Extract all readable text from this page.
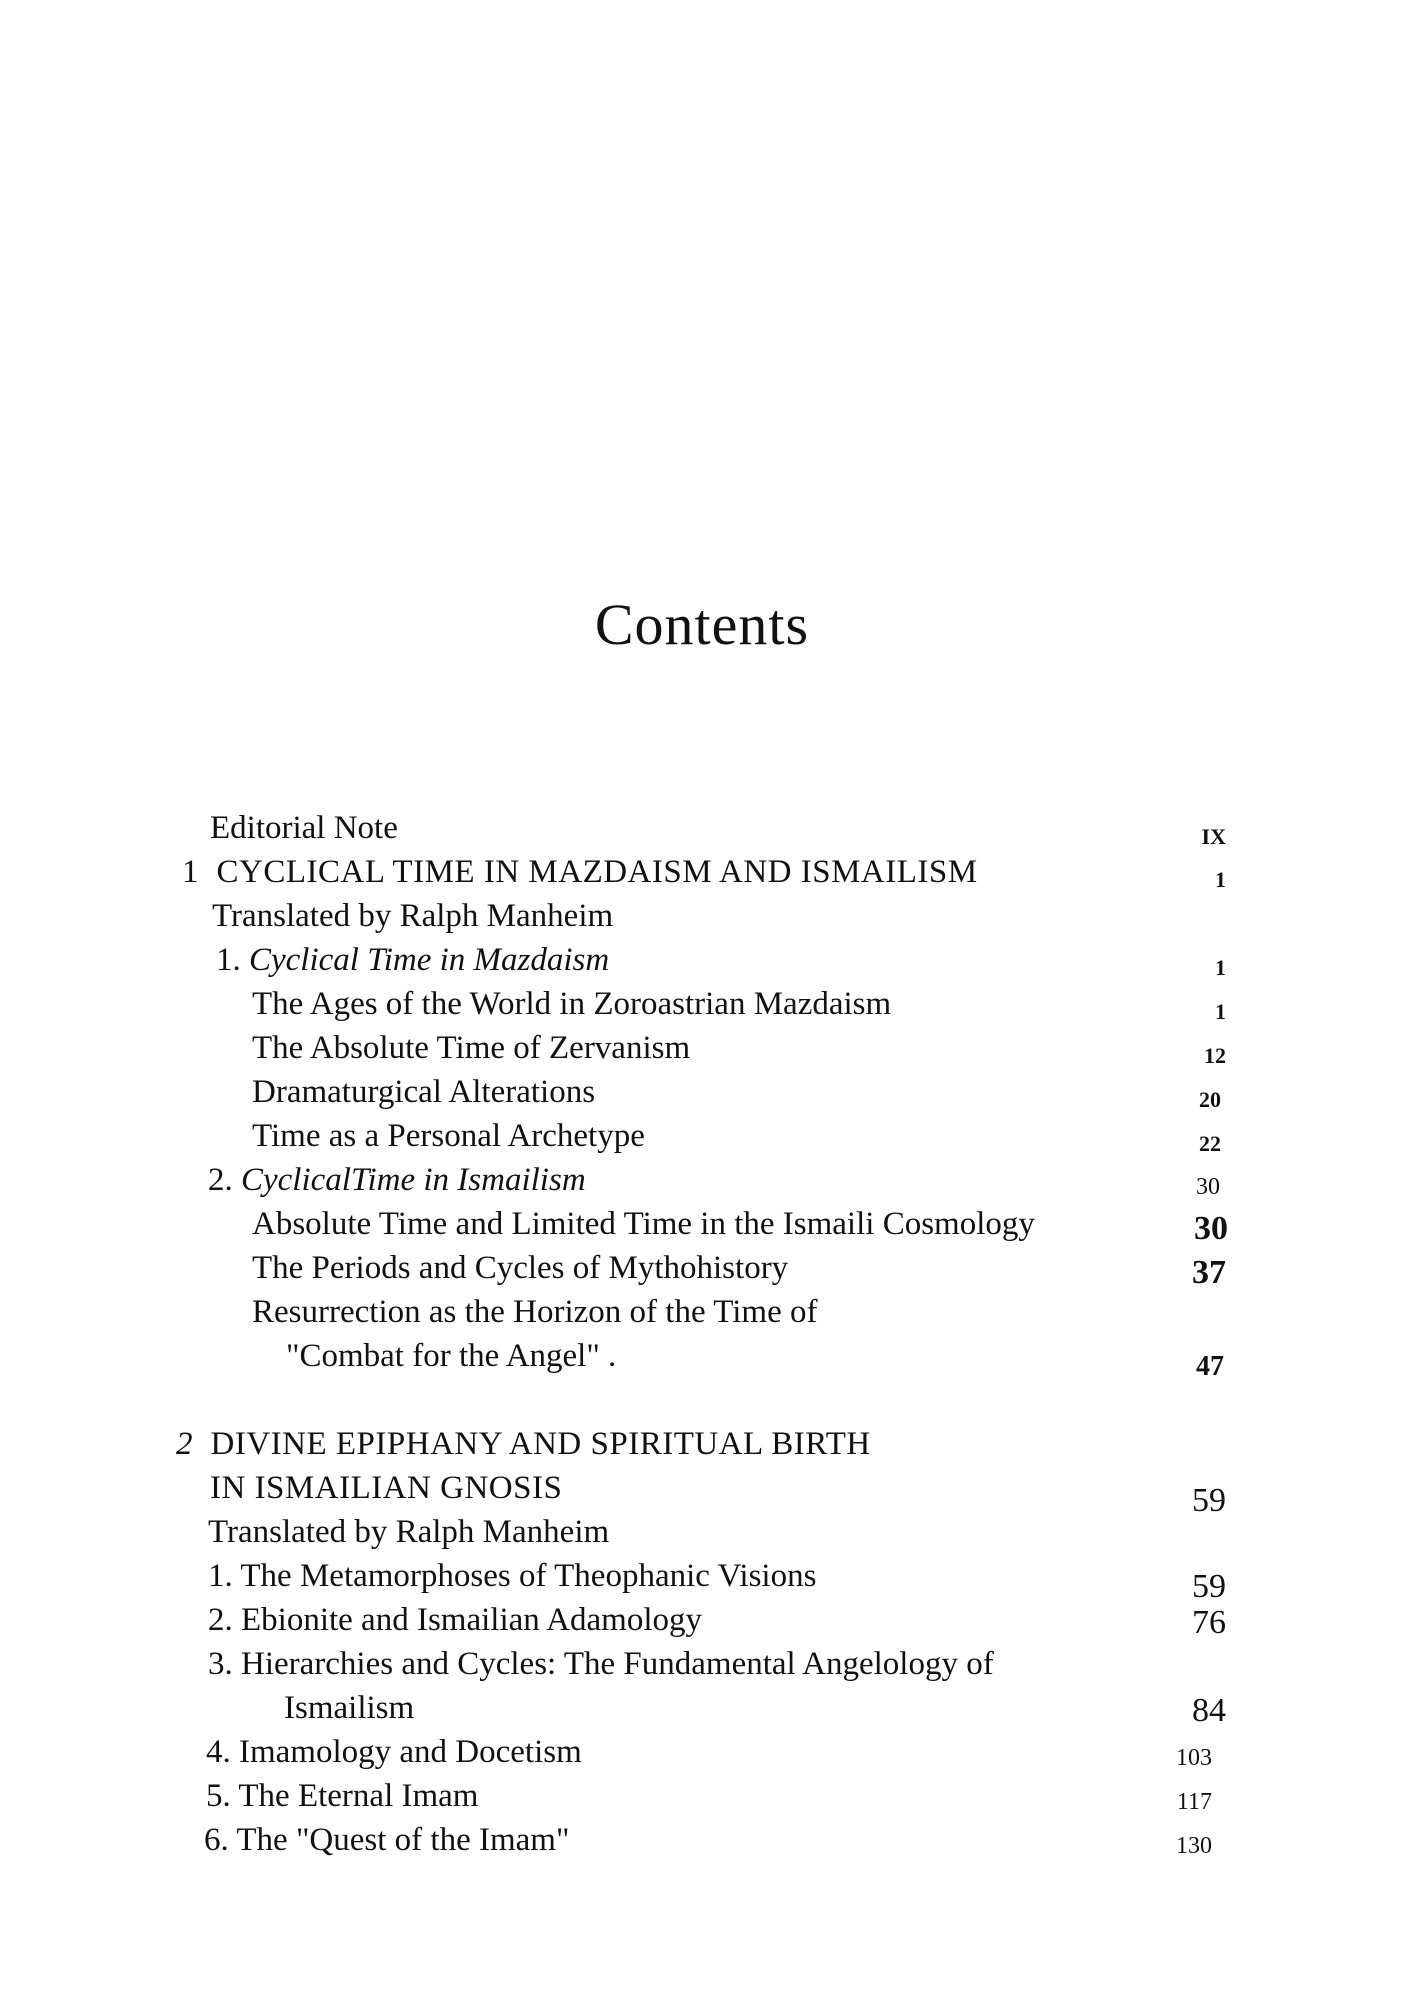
Contents
Editorial Note	IX
1 CYCLICAL TIME IN MAZDAISM AND ISMAILISM	1
Translated by Ralph Manheim
1. Cyclical Time in Mazdaism	1
The Ages of the World in Zoroastrian Mazdaism	1
The Absolute Time of Zervanism	12
Dramaturgical Alterations	20
Time as a Personal Archetype	22
2. CyclicalTime in Ismailism	30
Absolute Time and Limited Time in the Ismaili Cosmology	30
The Periods and Cycles of Mythohistory	37
Resurrection as the Horizon of the Time of
"Combat for the Angel" .	47
2 DIVINE EPIPHANY AND SPIRITUAL BIRTH
IN ISMAILIAN GNOSIS	59
Translated by Ralph Manheim
1. The Metamorphoses of Theophanic Visions	59
2. Ebionite and Ismailian Adamology	76
3. Hierarchies and Cycles: The Fundamental Angelology of
Ismailism	84
4. Imamology and Docetism	103
5. The Eternal Imam	117
6. The "Quest of the Imam"	130
